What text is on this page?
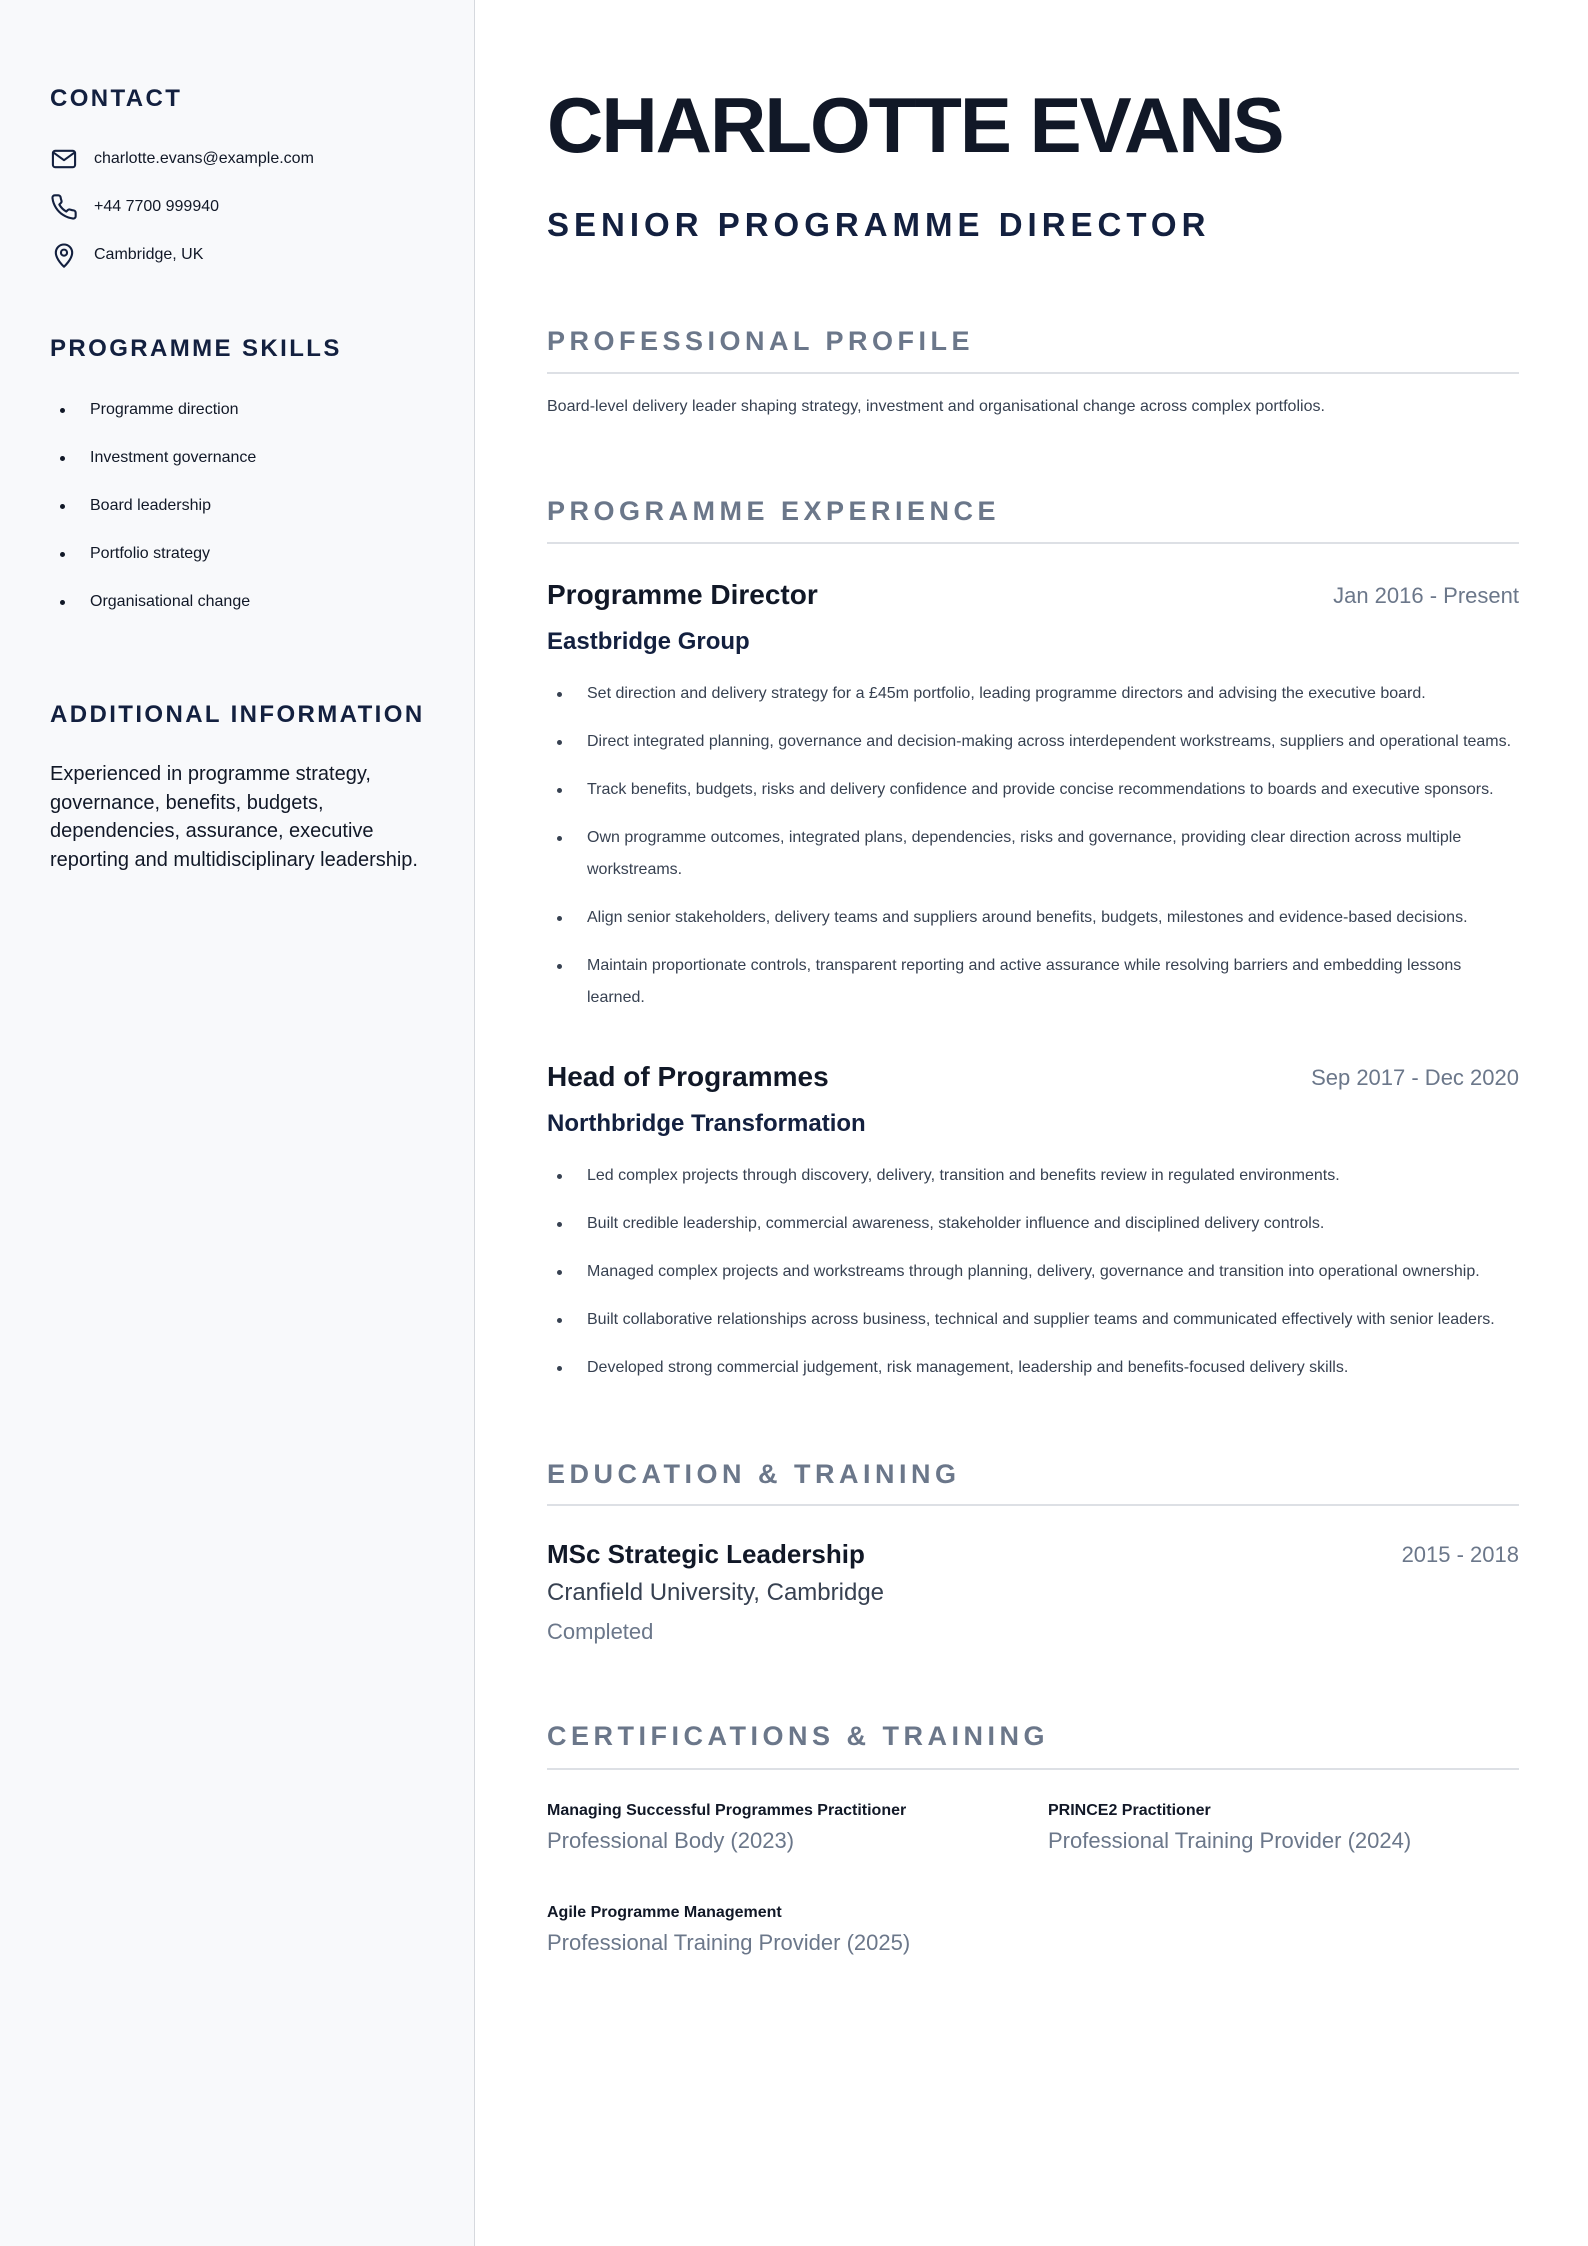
CONTACT
charlotte.evans@example.com
+44 7700 999940
Cambridge, UK
PROGRAMME SKILLS
Programme direction
Investment governance
Board leadership
Portfolio strategy
Organisational change
ADDITIONAL INFORMATION

Experienced in programme strategy, governance, benefits, budgets, dependencies, assurance, executive reporting and multidisciplinary leadership.

CHARLOTTE EVANS
SENIOR PROGRAMME DIRECTOR
PROFESSIONAL PROFILE

Board-level delivery leader shaping strategy, investment and organisational change across complex portfolios.

PROGRAMME EXPERIENCE
Programme Director	Jan 2016 - Present
Eastbridge Group
Set direction and delivery strategy for a £45m portfolio, leading programme directors and advising the executive board.
Direct integrated planning, governance and decision-making across interdependent workstreams, suppliers and operational teams.
Track benefits, budgets, risks and delivery confidence and provide concise recommendations to boards and executive sponsors.
Own programme outcomes, integrated plans, dependencies, risks and governance, providing clear direction across multiple workstreams.
Align senior stakeholders, delivery teams and suppliers around benefits, budgets, milestones and evidence-based decisions.
Maintain proportionate controls, transparent reporting and active assurance while resolving barriers and embedding lessons learned.
Head of Programmes	Sep 2017 - Dec 2020
Northbridge Transformation
Led complex projects through discovery, delivery, transition and benefits review in regulated environments.
Built credible leadership, commercial awareness, stakeholder influence and disciplined delivery controls.
Managed complex projects and workstreams through planning, delivery, governance and transition into operational ownership.
Built collaborative relationships across business, technical and supplier teams and communicated effectively with senior leaders.
Developed strong commercial judgement, risk management, leadership and benefits-focused delivery skills.
EDUCATION & TRAINING
MSc Strategic Leadership	2015 - 2018
Cranfield University, Cambridge
Completed
CERTIFICATIONS & TRAINING
Managing Successful Programmes Practitioner
Professional Body (2023)
PRINCE2 Practitioner
Professional Training Provider (2024)
Agile Programme Management
Professional Training Provider (2025)
